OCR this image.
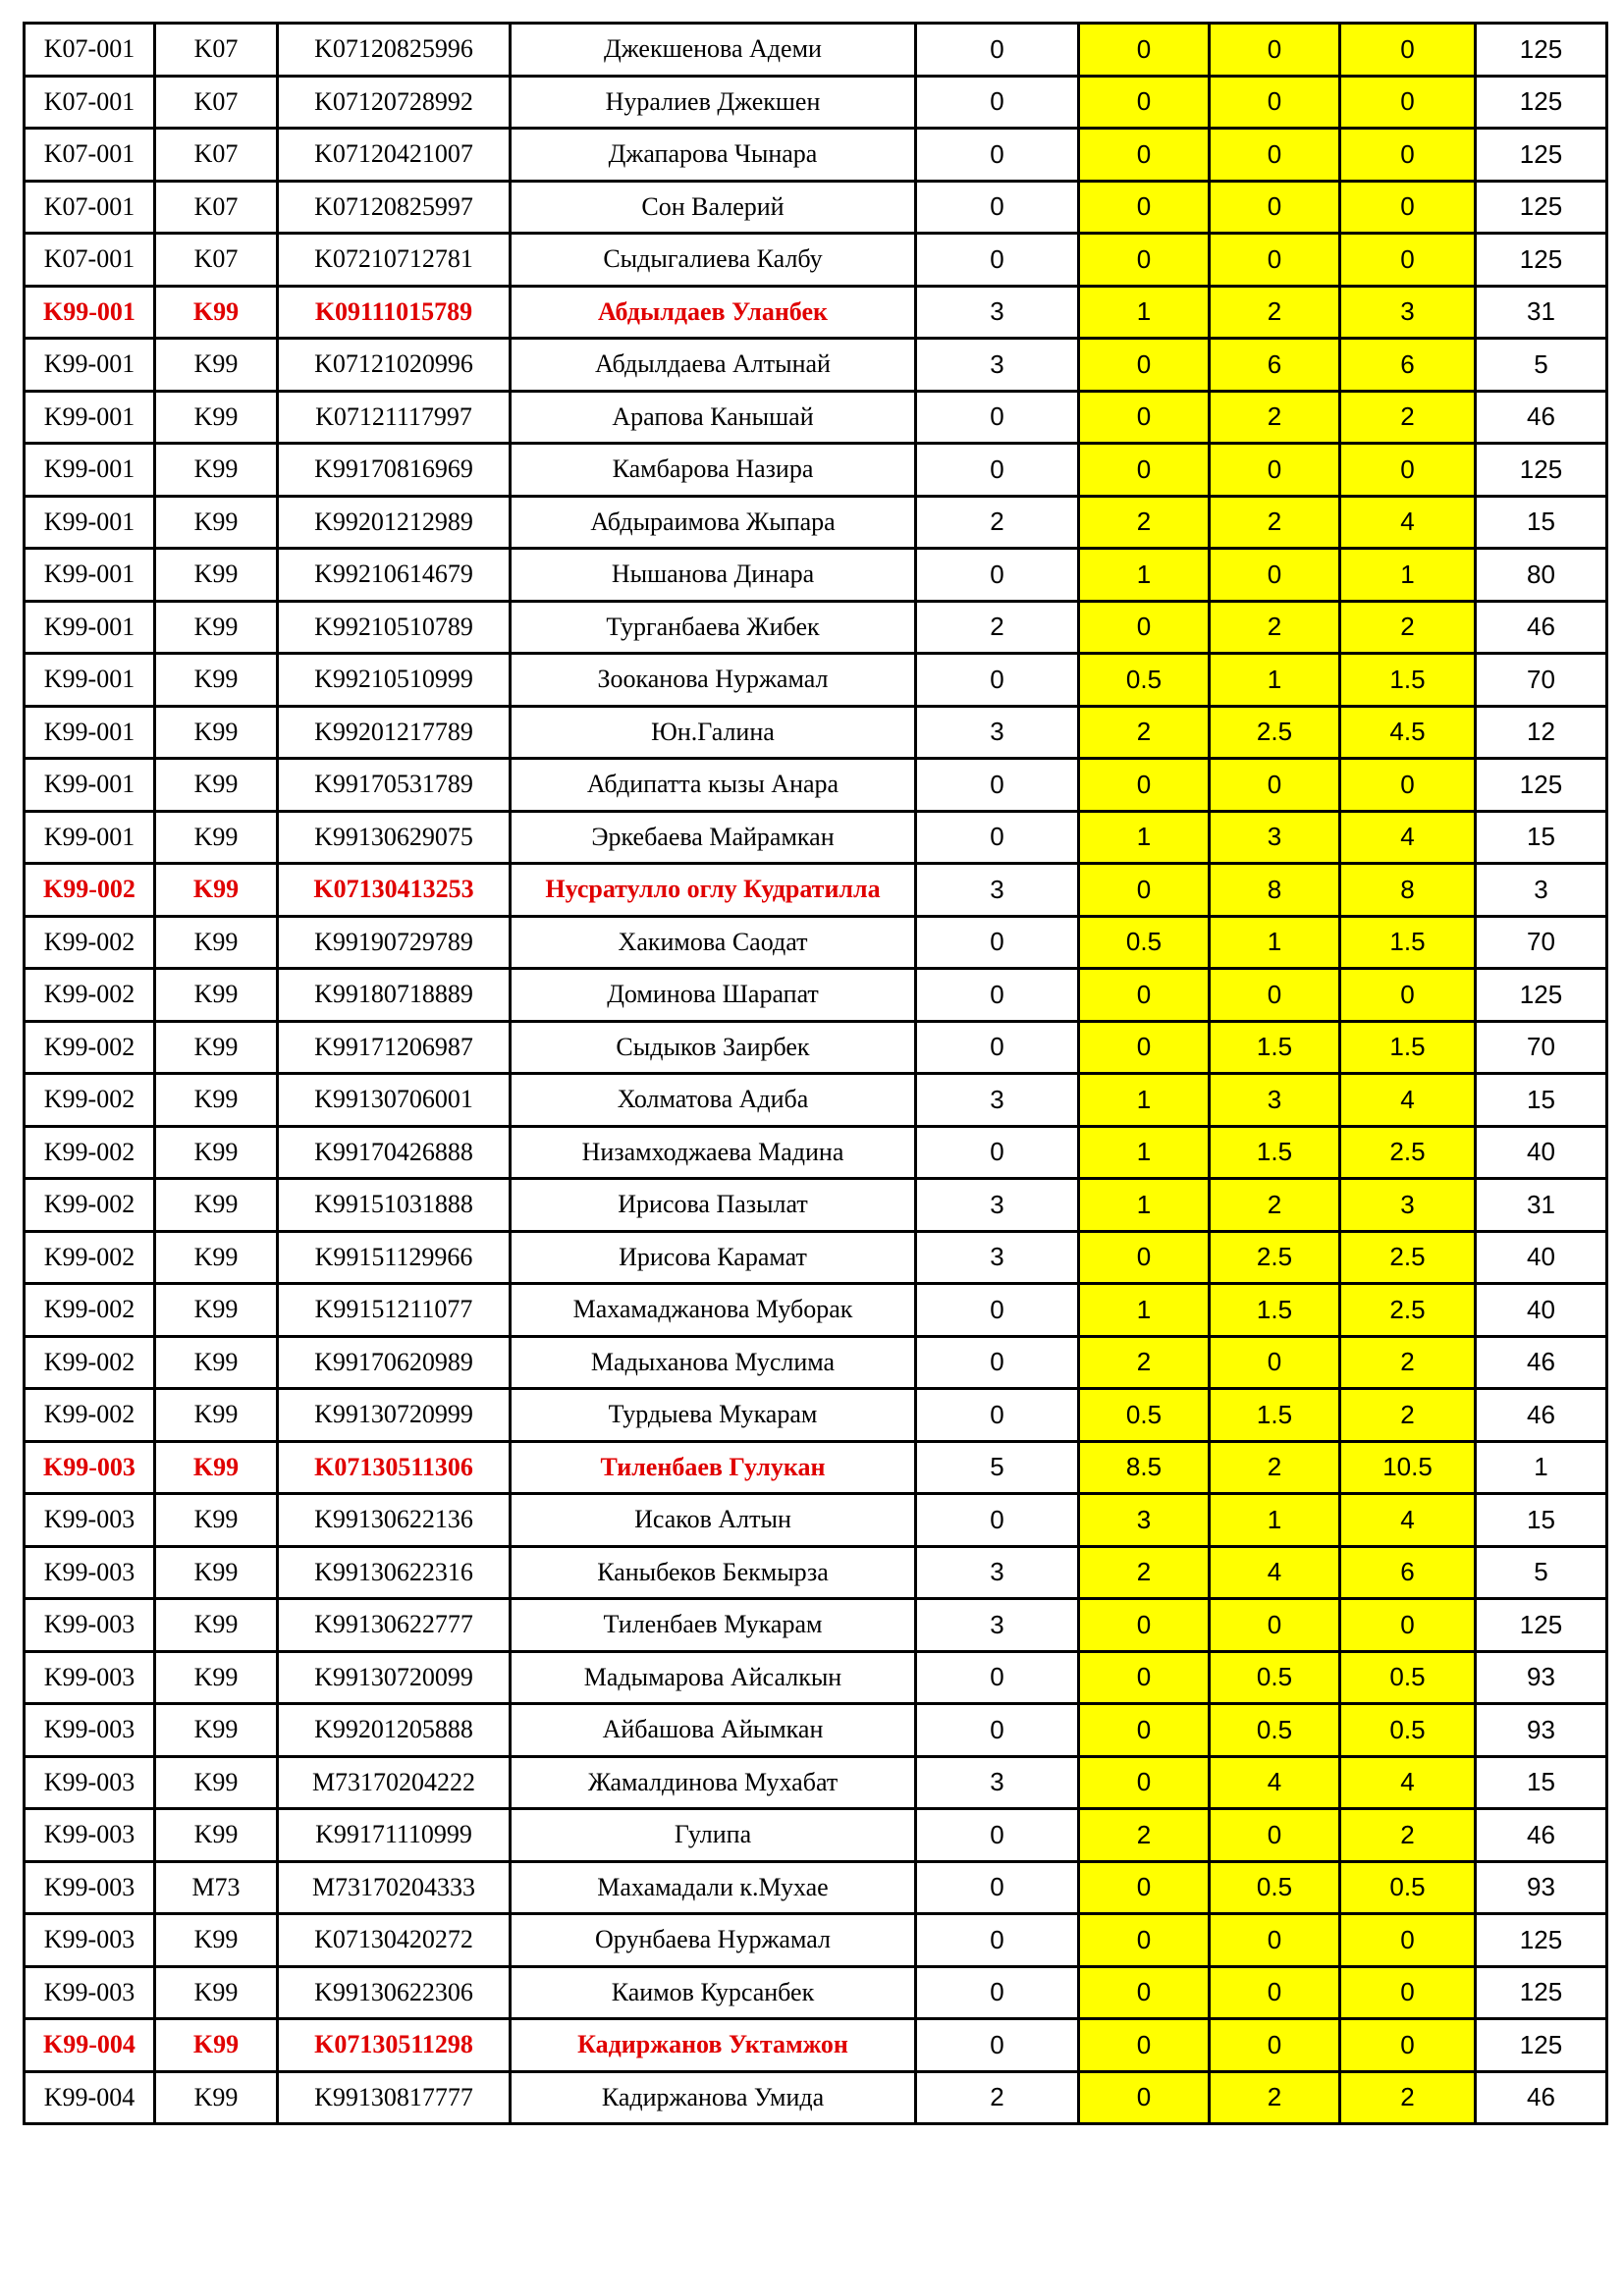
K07-001	K07	K07120825996	Джекшенова Адеми	0	0	0	0	125
K07-001	K07	K07120728992	Нуралиев Джекшен	0	0	0	0	125
K07-001	K07	K07120421007	Джапарова Чынара	0	0	0	0	125
K07-001	K07	K07120825997	Сон Валерий	0	0	0	0	125
K07-001	K07	K07210712781	Сыдыгалиева Калбу	0	0	0	0	125
K99-001	K99	K09111015789	Абдылдаев Уланбек	3	1	2	3	31
K99-001	K99	K07121020996	Абдылдаева Алтынай	3	0	6	6	5
K99-001	K99	K07121117997	Арапова Канышай	0	0	2	2	46
K99-001	K99	K99170816969	Камбарова Назира	0	0	0	0	125
K99-001	K99	K99201212989	Абдыраимова Жыпара	2	2	2	4	15
K99-001	K99	K99210614679	Нышанова Динара	0	1	0	1	80
K99-001	K99	K99210510789	Турганбаева Жибек	2	0	2	2	46
K99-001	K99	K99210510999	Зооканова Нуржамал	0	0.5	1	1.5	70
K99-001	K99	K99201217789	Юн.Галина	3	2	2.5	4.5	12
K99-001	K99	K99170531789	Абдипатта кызы Анара	0	0	0	0	125
K99-001	K99	K99130629075	Эркебаева Майрамкан	0	1	3	4	15
K99-002	K99	K07130413253	Нусратулло оглу Кудратилла	3	0	8	8	3
K99-002	K99	K99190729789	Хакимова Саодат	0	0.5	1	1.5	70
K99-002	K99	K99180718889	Доминова Шарапат	0	0	0	0	125
K99-002	K99	K99171206987	Сыдыков Заирбек	0	0	1.5	1.5	70
K99-002	K99	K99130706001	Холматова Адиба	3	1	3	4	15
K99-002	K99	K99170426888	Низамходжаева Мадина	0	1	1.5	2.5	40
K99-002	K99	K99151031888	Ирисова Пазылат	3	1	2	3	31
K99-002	K99	K99151129966	Ирисова Карамат	3	0	2.5	2.5	40
K99-002	K99	K99151211077	Махамаджанова Муборак	0	1	1.5	2.5	40
K99-002	K99	K99170620989	Мадыханова Муслима	0	2	0	2	46
K99-002	K99	K99130720999	Турдыева Мукарам	0	0.5	1.5	2	46
K99-003	K99	K07130511306	Тиленбаев Гулукан	5	8.5	2	10.5	1
K99-003	K99	K99130622136	Исаков Алтын	0	3	1	4	15
K99-003	K99	K99130622316	Каныбеков Бекмырза	3	2	4	6	5
K99-003	K99	K99130622777	Тиленбаев Мукарам	3	0	0	0	125
K99-003	K99	K99130720099	Мадымарова Айсалкын	0	0	0.5	0.5	93
K99-003	K99	K99201205888	Айбашова Айымкан	0	0	0.5	0.5	93
K99-003	K99	M73170204222	Жамалдинова Мухабат	3	0	4	4	15
K99-003	K99	K99171110999	Гулипа	0	2	0	2	46
K99-003	M73	M73170204333	Махамадали к.Мухае	0	0	0.5	0.5	93
K99-003	K99	K07130420272	Орунбаева Нуржамал	0	0	0	0	125
K99-003	K99	K99130622306	Каимов Курсанбек	0	0	0	0	125
K99-004	K99	K07130511298	Кадиржанов Уктамжон	0	0	0	0	125
K99-004	K99	K99130817777	Кадиржанова Умида	2	0	2	2	46
